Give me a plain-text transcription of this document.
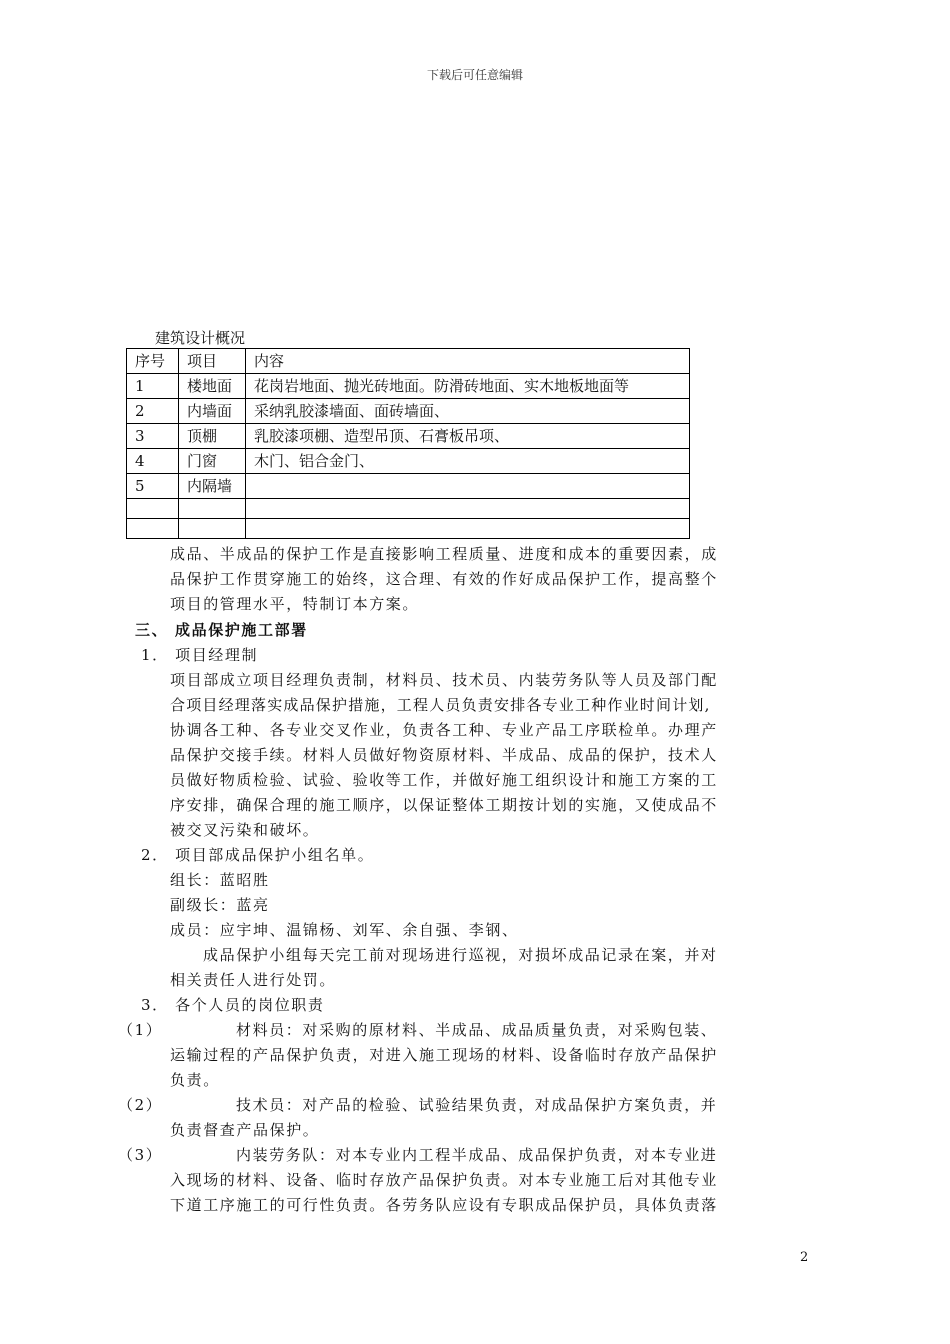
下载后可任意编辑
建筑设计概况
序号	项目	内容
1	楼地面	花岗岩地面、抛光砖地面。防滑砖地面、实木地板地面等
2	内墙面	采纳乳胶漆墙面、面砖墙面、
3	顶棚	乳胶漆项棚、造型吊顶、石膏板吊项、
4	门窗	木门、铝合金门、
5	内隔墙	

成品、半成品的保护工作是直接影响工程质量、进度和成本的重要因素，成
品保护工作贯穿施工的始终，这合理、有效的作好成品保护工作，提高整个
项目的管理水平，特制订本方案。
三、 成品保护施工部署
1． 项目经理制
项目部成立项目经理负责制，材料员、技术员、内装劳务队等人员及部门配
合项目经理落实成品保护措施，工程人员负责安排各专业工种作业时间计划,
协调各工种、各专业交叉作业，负责各工种、专业产品工序联检单。办理产
品保护交接手续。材料人员做好物资原材料、半成品、成品的保护，技术人
员做好物质检验、试验、验收等工作，并做好施工组织设计和施工方案的工
序安排，确保合理的施工顺序，以保证整体工期按计划的实施，又使成品不
被交叉污染和破坏。
2． 项目部成品保护小组名单。
组长：蓝昭胜
副级长：蓝亮
成员：应宇坤、温锦杨、刘军、余自强、李钢、
成品保护小组每天完工前对现场进行巡视，对损坏成品记录在案，并对
相关责任人进行处罚。
3． 各个人员的岗位职责
（1）	材料员：对采购的原材料、半成品、成品质量负责，对采购包装、
运输过程的产品保护负责，对进入施工现场的材料、设备临时存放产品保护
负责。
（2）	技术员：对产品的检验、试验结果负责，对成品保护方案负责，并
负责督查产品保护。
（3）	内装劳务队：对本专业内工程半成品、成品保护负责，对本专业进
入现场的材料、设备、临时存放产品保护负责。对本专业施工后对其他专业
下道工序施工的可行性负责。各劳务队应设有专职成品保护员，具体负责落
2
